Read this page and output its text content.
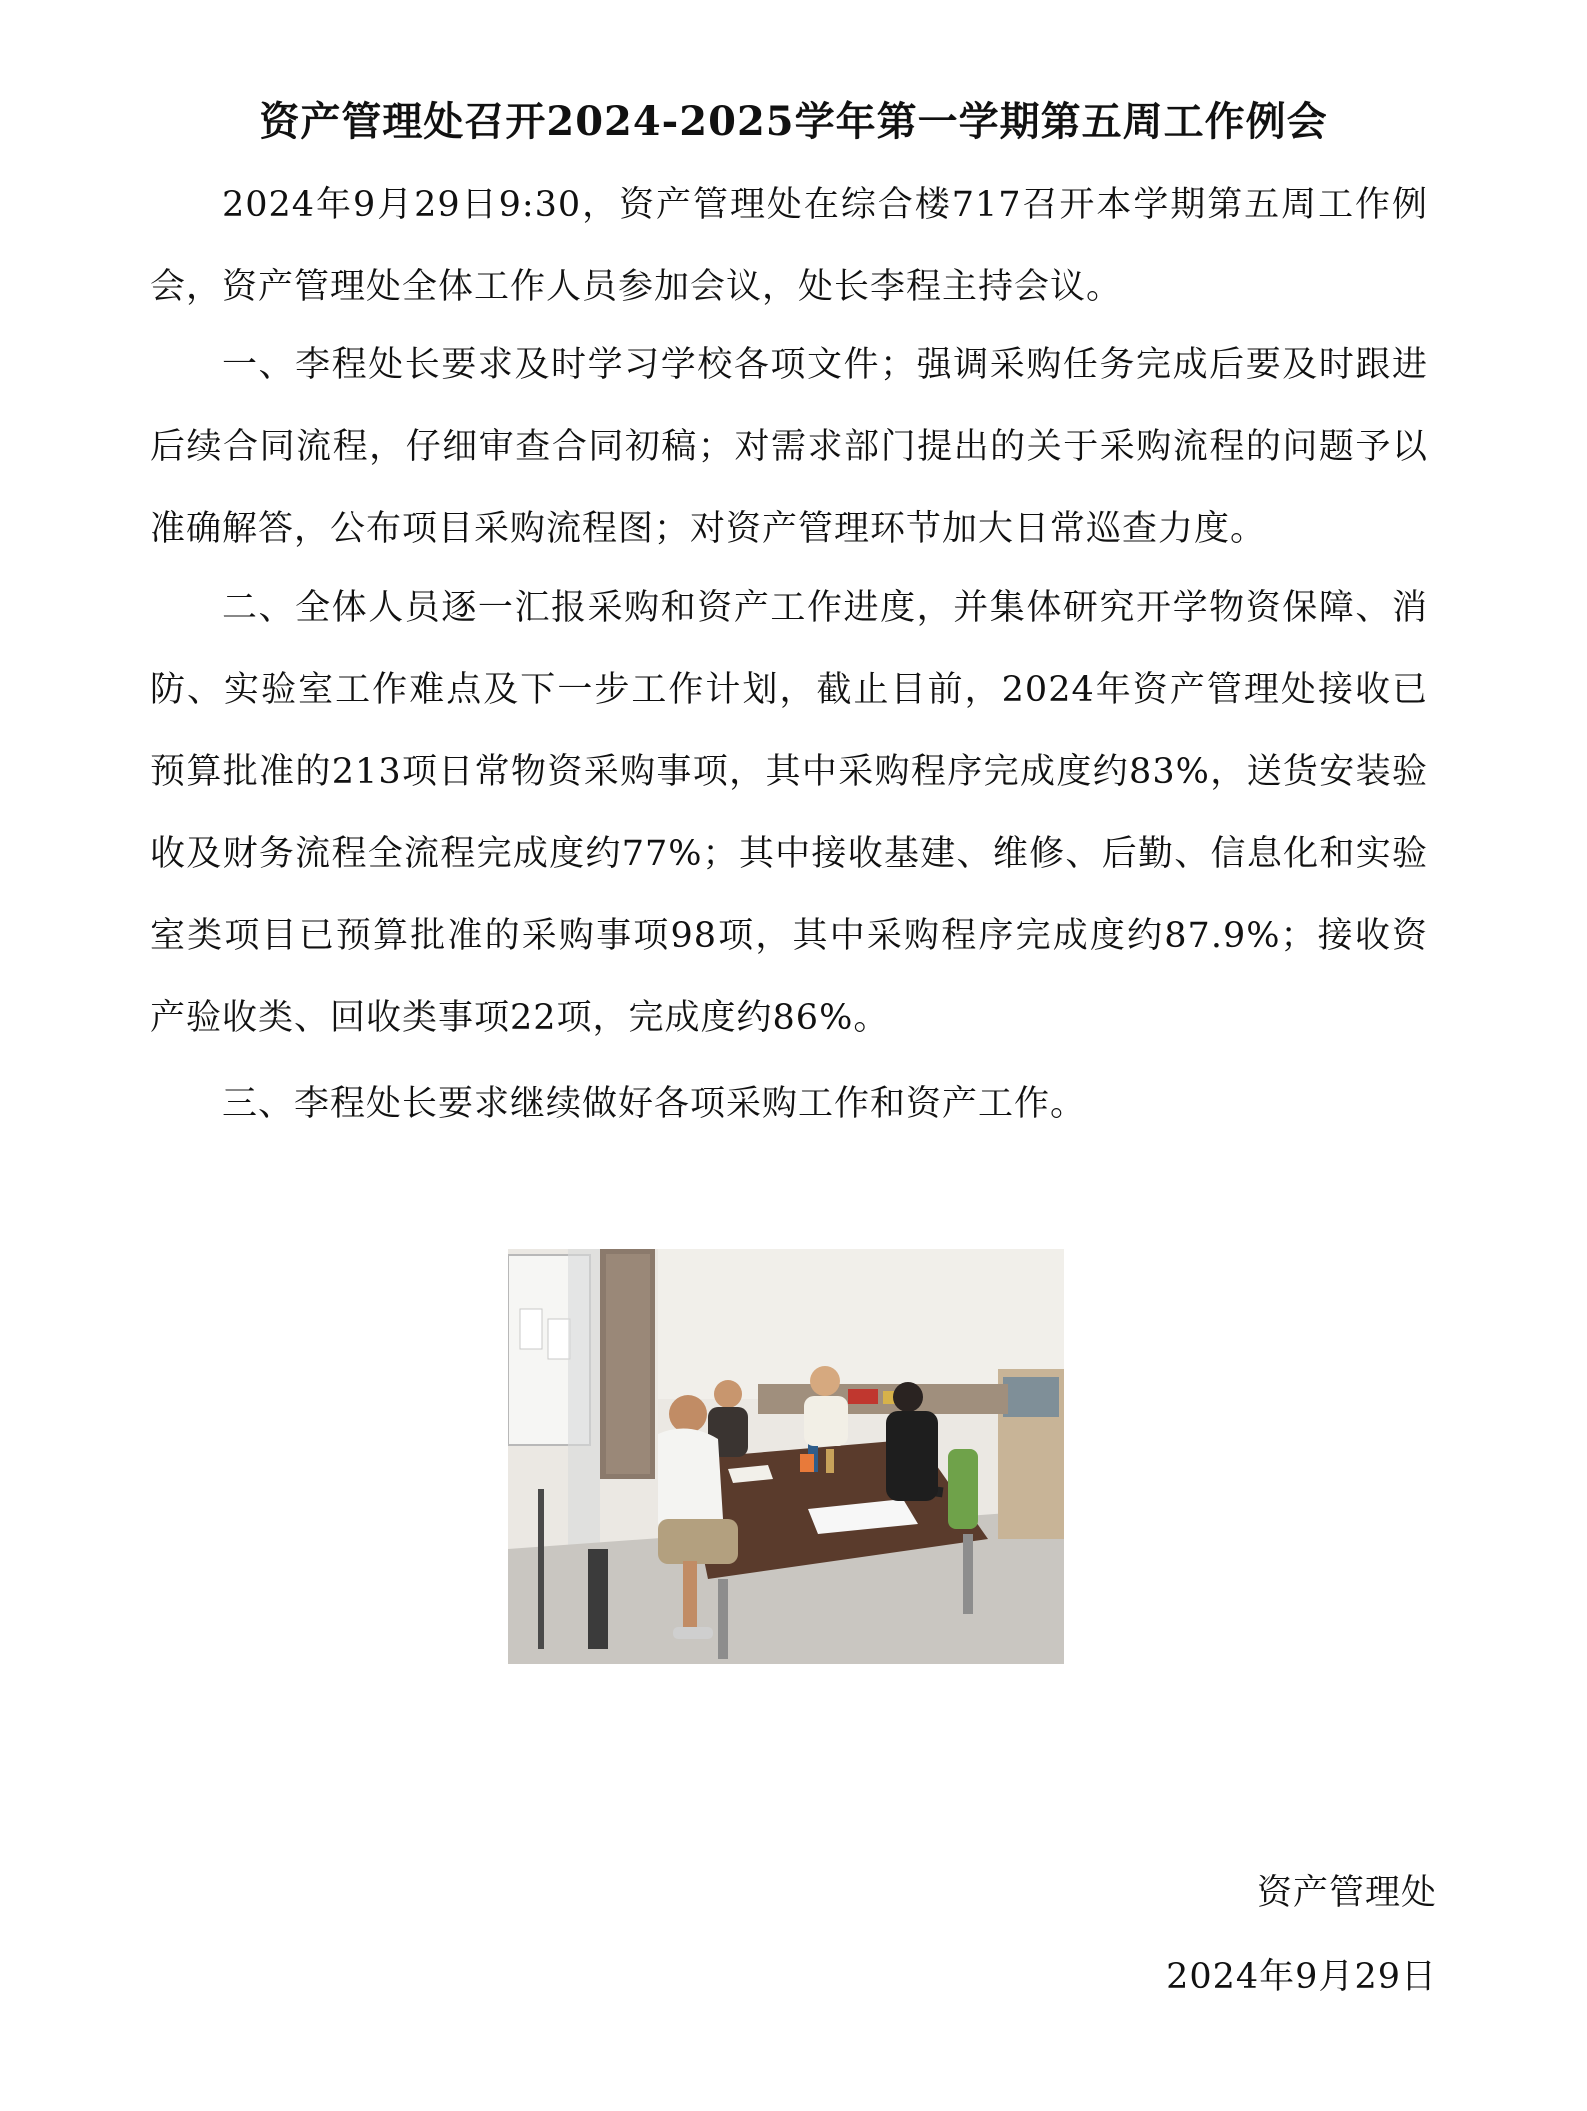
资产管理处召开2024-2025学年第一学期第五周工作例会

2024年9月29日9:30，资产管理处在综合楼717召开本学期第五周工作例会，资产管理处全体工作人员参加会议，处长李程主持会议。

一、李程处长要求及时学习学校各项文件；强调采购任务完成后要及时跟进后续合同流程，仔细审查合同初稿；对需求部门提出的关于采购流程的问题予以准确解答，公布项目采购流程图；对资产管理环节加大日常巡查力度。

二、全体人员逐一汇报采购和资产工作进度，并集体研究开学物资保障、消防、实验室工作难点及下一步工作计划，截止目前，2024年资产管理处接收已预算批准的213项日常物资采购事项，其中采购程序完成度约83%，送货安装验收及财务流程全流程完成度约77%；其中接收基建、维修、后勤、信息化和实验室类项目已预算批准的采购事项98项，其中采购程序完成度约87.9%；接收资产验收类、回收类事项22项，完成度约86%。

三、李程处长要求继续做好各项采购工作和资产工作。

资产管理处
2024年9月29日
